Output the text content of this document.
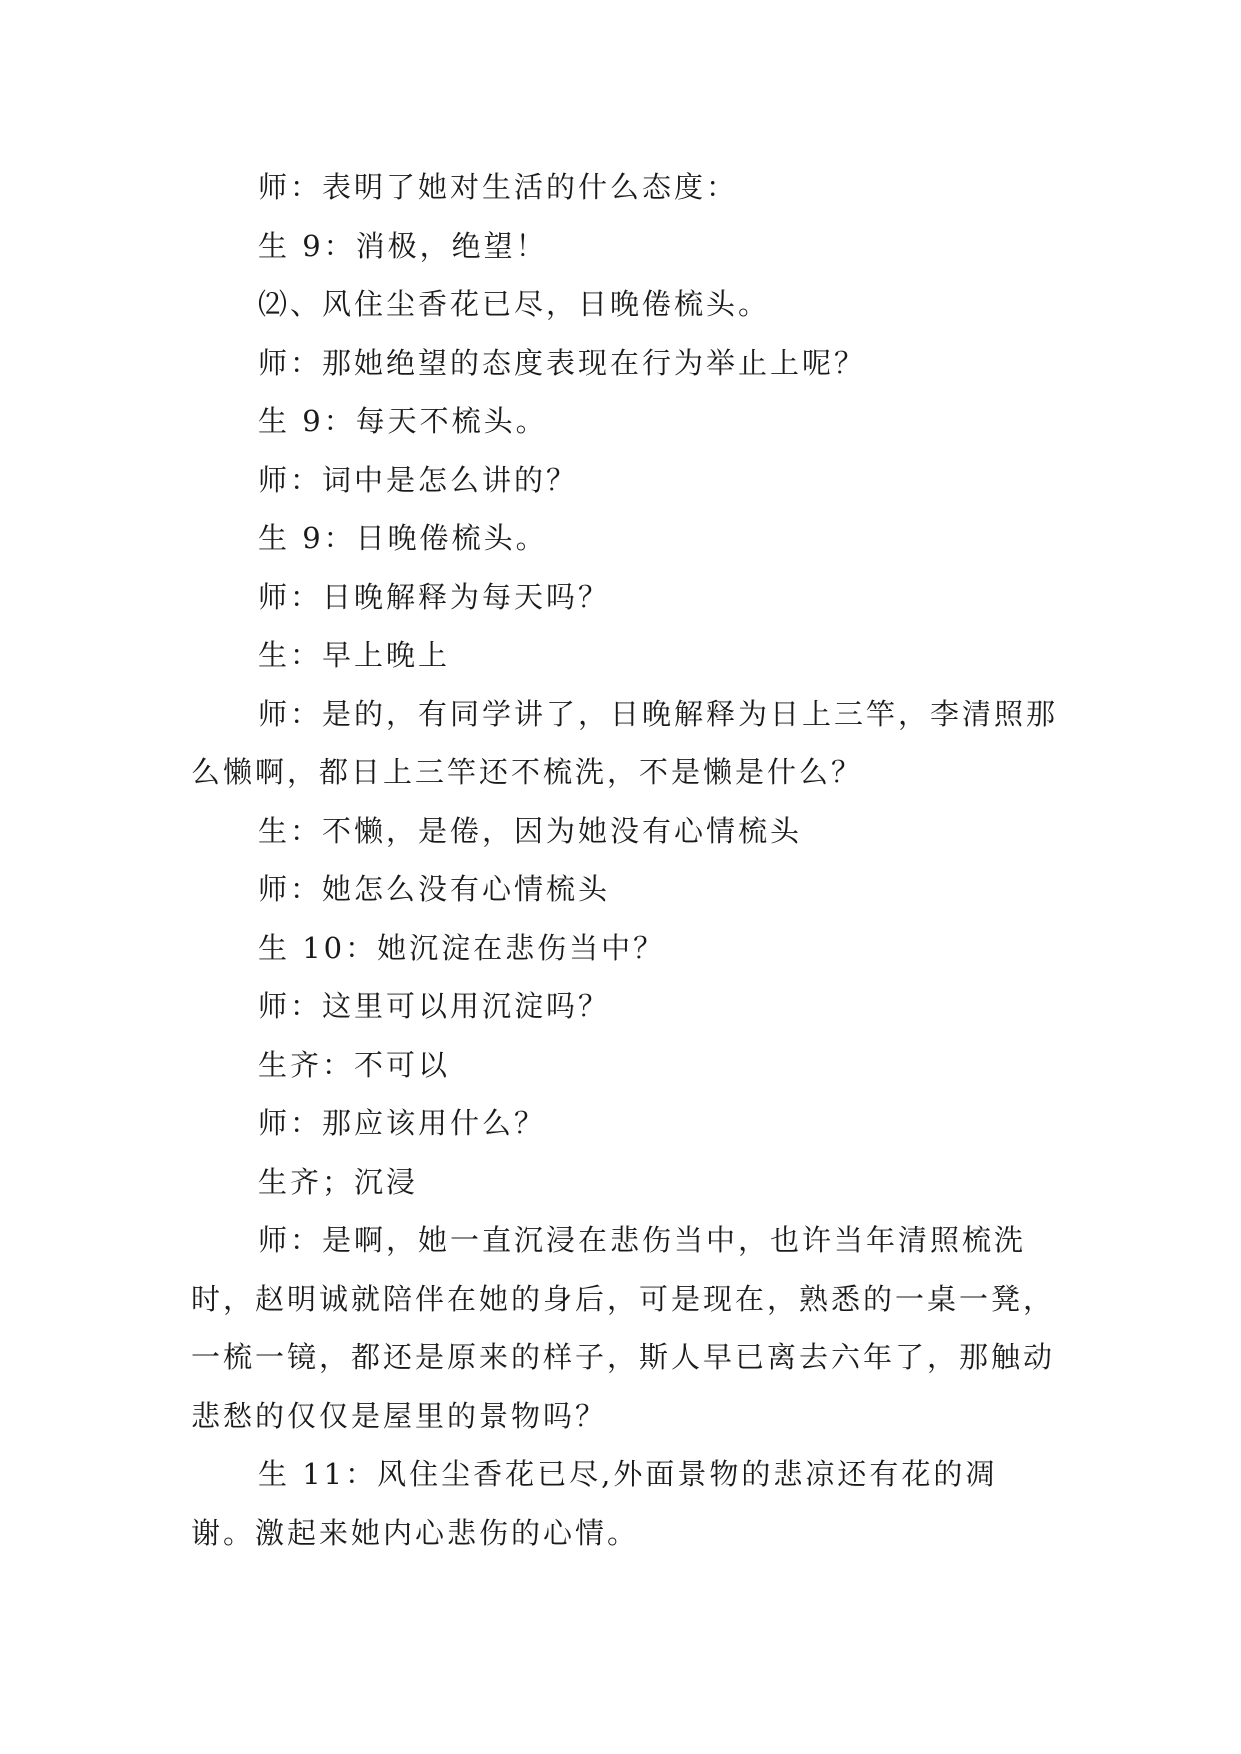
师：表明了她对生活的什么态度：

生 9：消极，绝望！

⑵、风住尘香花已尽，日晚倦梳头。

师：那她绝望的态度表现在行为举止上呢？

生 9：每天不梳头。

师：词中是怎么讲的？

生 9：日晚倦梳头。

师：日晚解释为每天吗？

生：早上晚上

师：是的，有同学讲了，日晚解释为日上三竿，李清照那么懒啊，都日上三竿还不梳洗，不是懒是什么？

生：不懒，是倦，因为她没有心情梳头

师：她怎么没有心情梳头

生 10：她沉淀在悲伤当中？

师：这里可以用沉淀吗？

生齐：不可以

师：那应该用什么？

生齐；沉浸

师：是啊，她一直沉浸在悲伤当中，也许当年清照梳洗时，赵明诚就陪伴在她的身后，可是现在，熟悉的一桌一凳，一梳一镜，都还是原来的样子，斯人早已离去六年了，那触动悲愁的仅仅是屋里的景物吗？

生 11：风住尘香花已尽,外面景物的悲凉还有花的凋谢。激起来她内心悲伤的心情。
